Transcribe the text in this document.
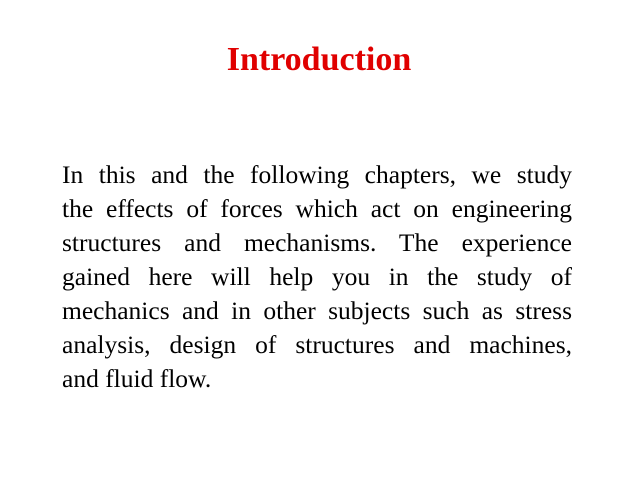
Introduction

In this and the following chapters, we study
the effects of forces which act on engineering
structures and mechanisms. The experience
gained here will help you in the study of
mechanics and in other subjects such as stress
analysis, design of structures and machines,
and fluid flow.
